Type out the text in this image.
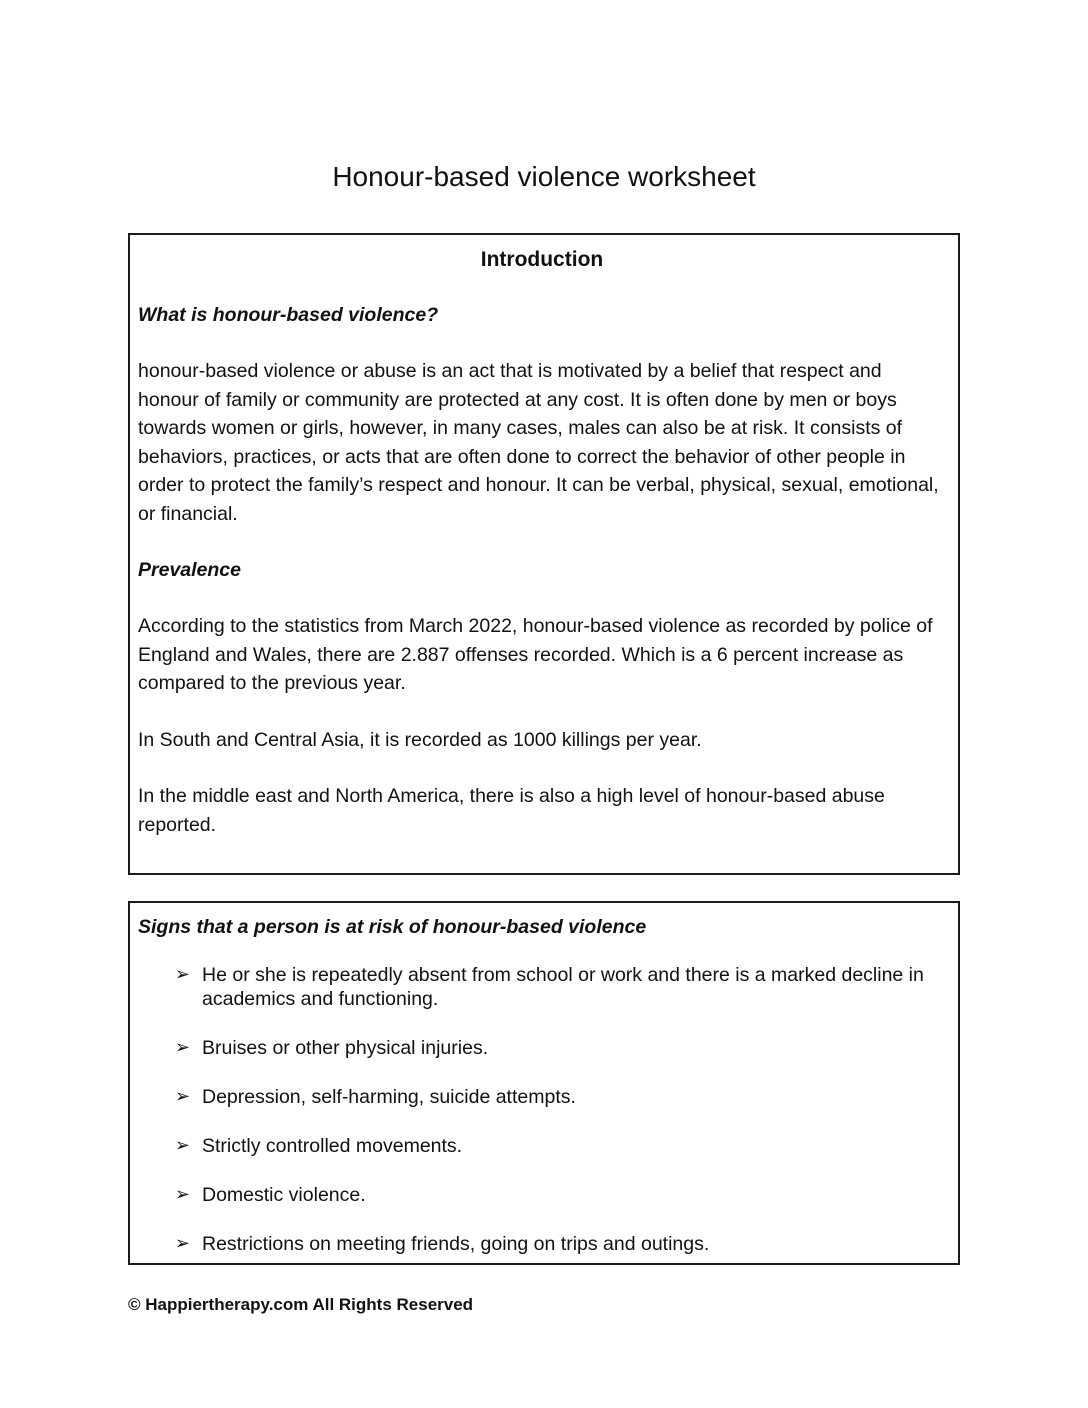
Honour-based violence worksheet
Introduction
What is honour-based violence?
honour-based violence or abuse is an act that is motivated by a belief that respect and honour of family or community are protected at any cost. It is often done by men or boys towards women or girls, however, in many cases, males can also be at risk. It consists of behaviors, practices, or acts that are often done to correct the behavior of other people in order to protect the family’s respect and honour. It can be verbal, physical, sexual, emotional, or financial.
Prevalence
According to the statistics from March 2022, honour-based violence as recorded by police of England and Wales, there are 2.887 offenses recorded. Which is a 6 percent increase as compared to the previous year.
In South and Central Asia, it is recorded as 1000 killings per year.
In the middle east and North America, there is also a high level of honour-based abuse reported.
Signs that a person is at risk of honour-based violence
➢ He or she is repeatedly absent from school or work and there is a marked decline in academics and functioning.
➢ Bruises or other physical injuries.
➢ Depression, self-harming, suicide attempts.
➢ Strictly controlled movements.
➢ Domestic violence.
➢ Restrictions on meeting friends, going on trips and outings.
© Happiertherapy.com All Rights Reserved
